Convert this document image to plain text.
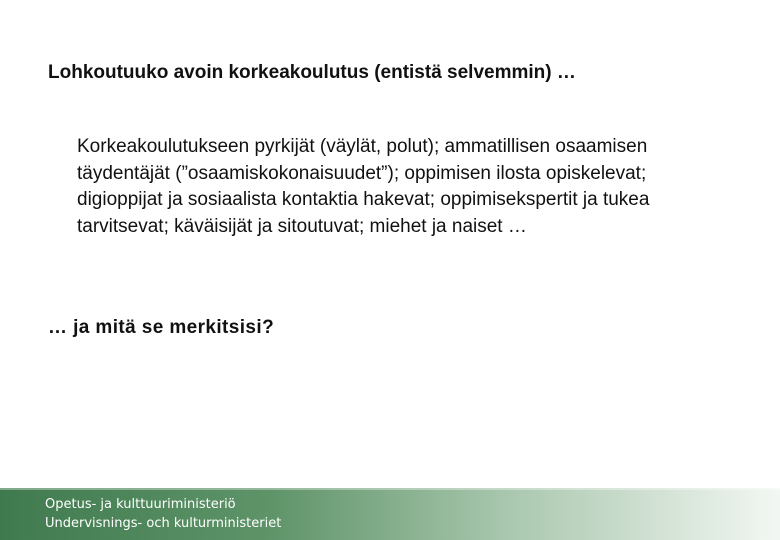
Lohkoutuuko avoin korkeakoulutus (entistä selvemmin) …
Korkeakoulutukseen pyrkijät (väylät, polut); ammatillisen osaamisen täydentäjät (”osaamiskokonaisuudet”); oppimisen ilosta opiskelevat; digioppijat ja sosiaalista kontaktia hakevat; oppimisekspertit ja tukea tarvitsevat; käväisijät ja sitoutuvat; miehet ja naiset …
… ja mitä se merkitsisi?
Opetus- ja kulttuuriministeriö
Undervisnings- och kulturministeriet
